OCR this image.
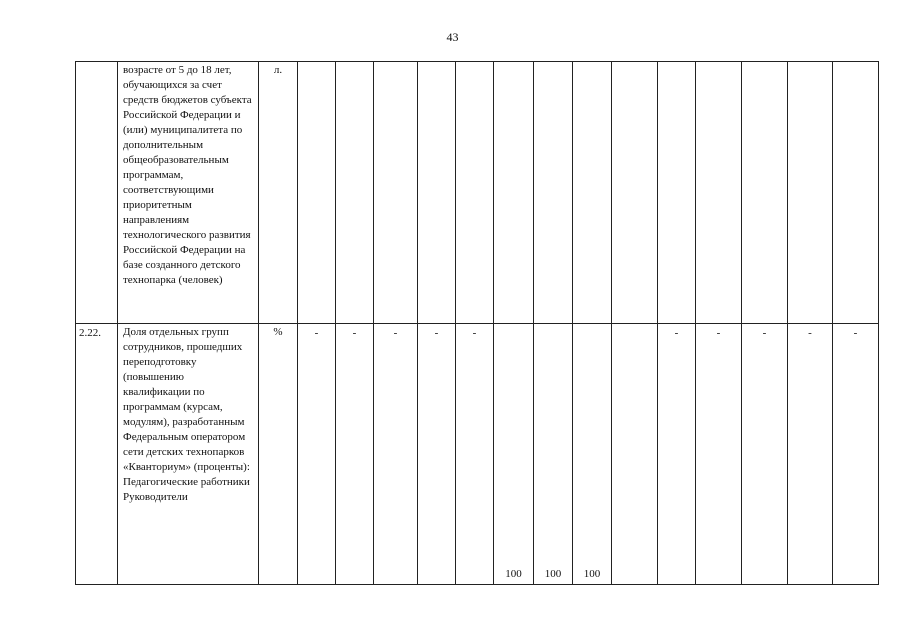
43
	возрасте от 5 до 18 лет, обучающихся за счет средств бюджетов субъекта Российской Федерации и (или) муниципалитета по дополнительным общеобразовательным программам, соответствующими приоритетным направлениям технологического развития Российской Федерации на базе созданного детского технопарка (человек)	л.														
2.22.	Доля отдельных групп сотрудников, прошедших переподготовку (повышению квалификации по программам (курсам, модулям), разработанным Федеральным оператором сети детских технопарков «Кванториум» (проценты): Педагогические работники Руководители	%	-	-	-	-	-	100	100	100		-	-	-	-	-
